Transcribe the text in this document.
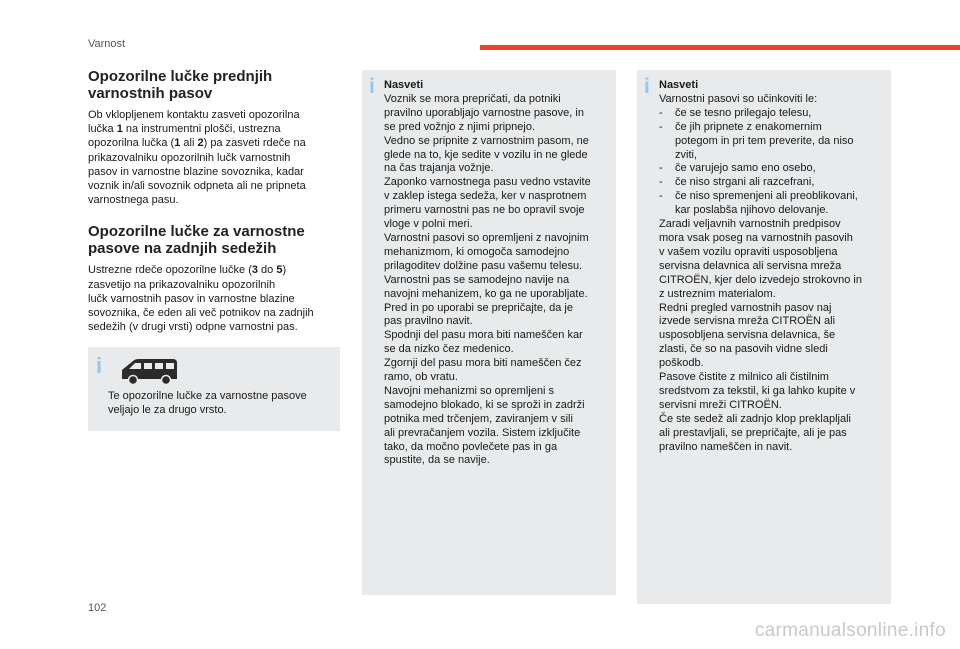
Varnost
Opozorilne lučke prednjih
varnostnih pasov

Ob vklopljenem kontaktu zasveti opozorilna
lučka 1 na instrumentni plošči, ustrezna
opozorilna lučka (1 ali 2) pa zasveti rdeče na
prikazovalniku opozorilnih lučk varnostnih
pasov in varnostne blazine sovoznika, kadar
voznik in/ali sovoznik odpneta ali ne pripneta
varnostnega pasu.

Opozorilne lučke za varnostne
pasove na zadnjih sedežih

Ustrezne rdeče opozorilne lučke (3 do 5)
zasvetijo na prikazovalniku opozorilnih
lučk varnostnih pasov in varnostne blazine
sovoznika, če eden ali več potnikov na zadnjih
sedežih (v drugi vrsti) odpne varnostni pas.

i
Te opozorilne lučke za varnostne pasove
veljajo le za drugo vrsto.
i Nasveti
Voznik se mora prepričati, da potniki
pravilno uporabljajo varnostne pasove, in
se pred vožnjo z njimi pripnejo.
Vedno se pripnite z varnostnim pasom, ne
glede na to, kje sedite v vozilu in ne glede
na čas trajanja vožnje.
Zaponko varnostnega pasu vedno vstavite
v zaklep istega sedeža, ker v nasprotnem
primeru varnostni pas ne bo opravil svoje
vloge v polni meri.
Varnostni pasovi so opremljeni z navojnim
mehanizmom, ki omogoča samodejno
prilagoditev dolžine pasu vašemu telesu.
Varnostni pas se samodejno navije na
navojni mehanizem, ko ga ne uporabljate.
Pred in po uporabi se prepričajte, da je
pas pravilno navit.
Spodnji del pasu mora biti nameščen kar
se da nizko čez medenico.
Zgornji del pasu mora biti nameščen čez
ramo, ob vratu.
Navojni mehanizmi so opremljeni s
samodejno blokado, ki se sproži in zadrži
potnika med trčenjem, zaviranjem v sili
ali prevračanjem vozila. Sistem izključite
tako, da močno povlečete pas in ga
spustite, da se navije.
i Nasveti
Varnostni pasovi so učinkoviti le:
-	če se tesno prilegajo telesu,
-	če jih pripnete z enakomernim
potegom in pri tem preverite, da niso
zviti,
-	če varujejo samo eno osebo,
-	če niso strgani ali razcefrani,
-	če niso spremenjeni ali preoblikovani,
kar poslabša njihovo delovanje.
Zaradi veljavnih varnostnih predpisov
mora vsak poseg na varnostnih pasovih
v vašem vozilu opraviti usposobljena
servisna delavnica ali servisna mreža
CITROËN, kjer delo izvedejo strokovno in
z ustreznim materialom.
Redni pregled varnostnih pasov naj
izvede servisna mreža CITROËN ali
usposobljena servisna delavnica, še
zlasti, če so na pasovih vidne sledi
poškodb.
Pasove čistite z milnico ali čistilnim
sredstvom za tekstil, ki ga lahko kupite v
servisni mreži CITROËN.
Če ste sedež ali zadnjo klop preklapljali
ali prestavljali, se prepričajte, ali je pas
pravilno nameščen in navit.
102
carmanualsonline.info
